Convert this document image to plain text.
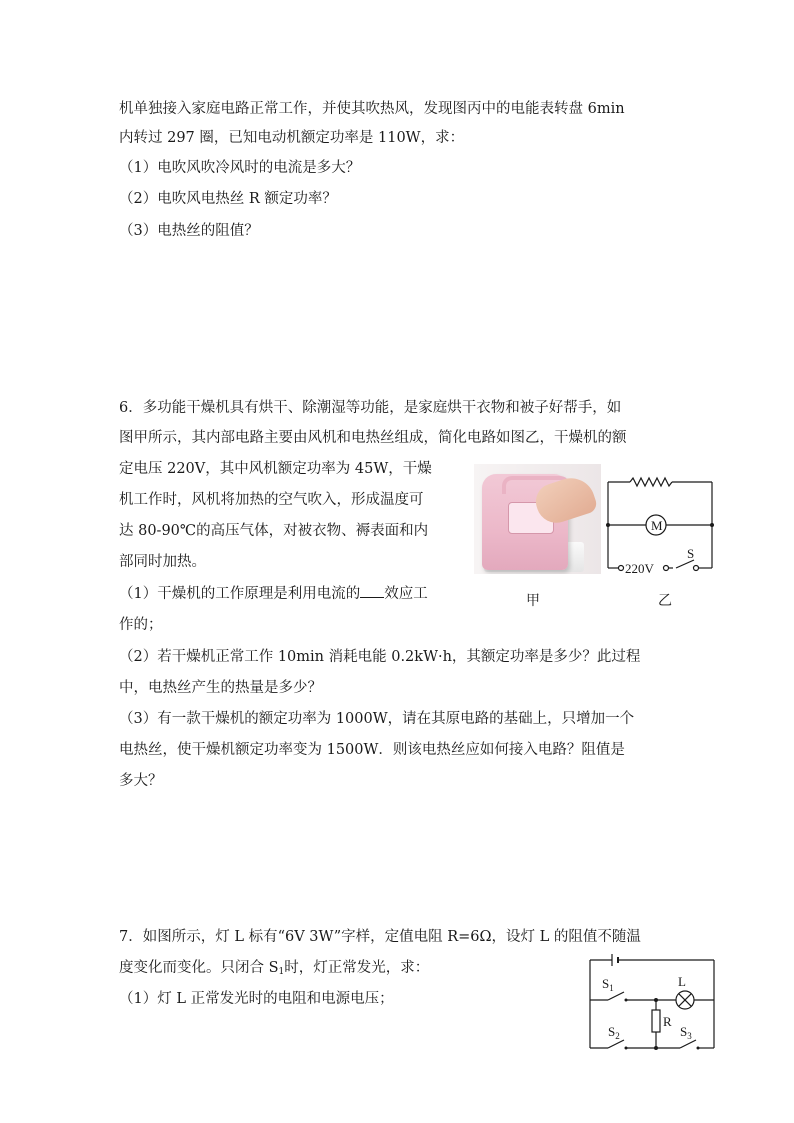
机单独接入家庭电路正常工作，并使其吹热风，发现图丙中的电能表转盘 6min
内转过 297 圈，已知电动机额定功率是 110W，求：
（1）电吹风吹冷风时的电流是多大？
（2）电吹风电热丝 R 额定功率？
（3）电热丝的阻值？
6．多功能干燥机具有烘干、除潮湿等功能，是家庭烘干衣物和被子好帮手，如
图甲所示，其内部电路主要由风机和电热丝组成，简化电路如图乙，干燥机的额
定电压 220V，其中风机额定功率为 45W，干燥
机工作时，风机将加热的空气吹入，形成温度可
达 80-90℃的高压气体，对被衣物、褥表面和内
部同时加热。
（1）干燥机的工作原理是利用电流的 效应工
作的；
（2）若干燥机正常工作 10min 消耗电能 0.2kW·h，其额定功率是多少？此过程
中，电热丝产生的热量是多少？
（3）有一款干燥机的额定功率为 1000W，请在其原电路的基础上，只增加一个
电热丝，使干燥机额定功率变为 1500W．则该电热丝应如何接入电路？阻值是
多大？
甲
M
220V
S
乙
7．如图所示，灯 L 标有“6V 3W”字样，定值电阻 R=6Ω，设灯 L 的阻值不随温
度变化而变化。只闭合 $S_1$时，灯正常发光，求：
（1）灯 L 正常发光时的电阻和电源电压；
L
R
$S_1$
$S_2$	$S_3$
